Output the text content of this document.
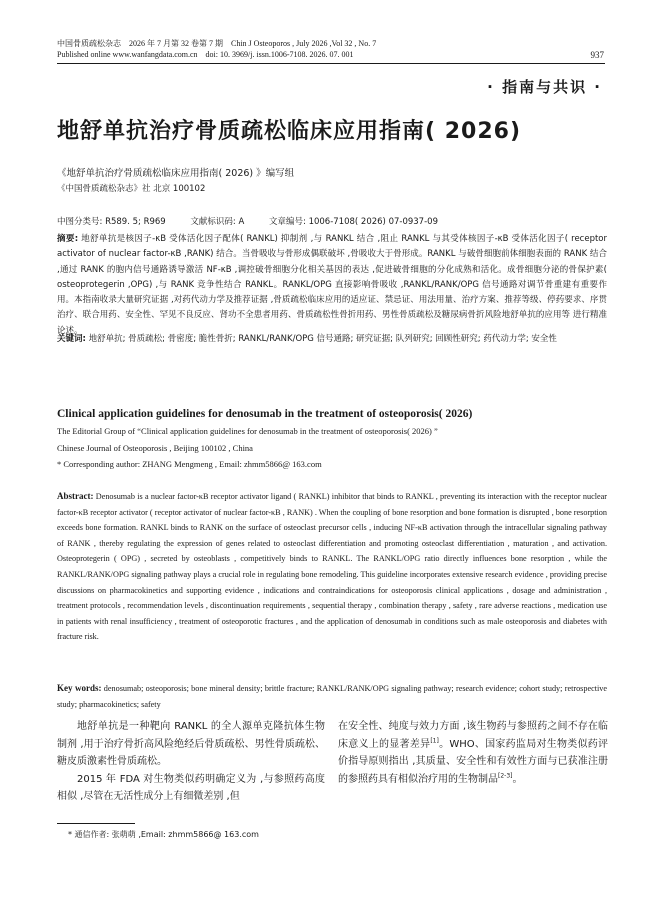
中国骨质疏松杂志　2026 年 7 月第 32 卷第 7 期　Chin J Osteoporos , July 2026 ,Vol 32 , No. 7
Published online www.wanfangdata.com.cn　doi: 10. 3969/j. issn.1006-7108. 2026. 07. 001	937
· 指南与共识 ·
地舒单抗治疗骨质疏松临床应用指南( 2026)
《地舒单抗治疗骨质疏松临床应用指南( 2026) 》编写组
《中国骨质疏松杂志》社 北京 100102
中图分类号: R589. 5; R969	文献标识码: A	文章编号: 1006-7108( 2026) 07-0937-09
摘要: 地舒单抗是核因子-κB 受体活化因子配体( RANKL) 抑制剂 ,与 RANKL 结合 ,阻止 RANKL 与其受体核因子-κB 受体活化因子( receptor activator of nuclear factor-κB ,RANK) 结合。当骨吸收与骨形成偶联破坏 ,骨吸收大于骨形成。RANKL 与破骨细胞前体细胞表面的 RANK 结合 ,通过 RANK 的胞内信号通路诱导激活 NF-κB ,调控破骨细胞分化相关基因的表达 ,促进破骨细胞的分化成熟和活化。成骨细胞分泌的骨保护素( osteoprotegerin ,OPG) ,与 RANK 竞争性结合 RANKL。RANKL/OPG 直接影响骨吸收 ,RANKL/RANK/OPG 信号通路对调节骨重建有重要作用。本指南收录大量研究证据 ,对药代动力学及推荐证据 ,骨质疏松临床应用的适应证、禁忌证、用法用量、治疗方案、推荐等级、停药要求、序贯治疗、联合用药、安全性、罕见不良反应、肾功不全患者用药、骨质疏松性骨折用药、男性骨质疏松及糖尿病骨折风险地舒单抗的应用等 进行精准论述。
关键词: 地舒单抗; 骨质疏松; 骨密度; 脆性骨折; RANKL/RANK/OPG 信号通路; 研究证据; 队列研究; 回顾性研究; 药代动力学; 安全性
Clinical application guidelines for denosumab in the treatment of osteoporosis( 2026)
The Editorial Group of “Clinical application guidelines for denosumab in the treatment of osteoporosis( 2026) ”
Chinese Journal of Osteoporosis , Beijing 100102 , China
* Corresponding author: ZHANG Mengmeng , Email: zhmm5866@ 163.com
Abstract: Denosumab is a nuclear factor-κB receptor activator ligand ( RANKL) inhibitor that binds to RANKL , preventing its interaction with the receptor nuclear factor-κB receptor activator ( receptor activator of nuclear factor-κB , RANK) . When the coupling of bone resorption and bone formation is disrupted , bone resorption exceeds bone formation. RANKL binds to RANK on the surface of osteoclast precursor cells , inducing NF-κB activation through the intracellular signaling pathway of RANK , thereby regulating the expression of genes related to osteoclast differentiation and promoting osteoclast differentiation , maturation , and activation. Osteoprotegerin ( OPG) , secreted by osteoblasts , competitively binds to RANKL. The RANKL/OPG ratio directly influences bone resorption , while the RANKL/RANK/OPG signaling pathway plays a crucial role in regulating bone remodeling. This guideline incorporates extensive research evidence , providing precise discussions on pharmacokinetics and supporting evidence , indications and contraindications for osteoporosis clinical applications , dosage and administration , treatment protocols , recommendation levels , discontinuation requirements , sequential therapy , combination therapy , safety , rare adverse reactions , medication use in patients with renal insufficiency , treatment of osteoporotic fractures , and the application of denosumab in conditions such as male osteoporosis and diabetes with fracture risk.
Key words: denosumab; osteoporosis; bone mineral density; brittle fracture; RANKL/RANK/OPG signaling pathway; research evidence; cohort study; retrospective study; pharmacokinetics; safety

地舒单抗是一种靶向 RANKL 的全人源单克隆抗体生物制剂 ,用于治疗骨折高风险绝经后骨质疏松、男性骨质疏松、糖皮质激素性骨质疏松。

2015 年 FDA 对生物类似药明确定义为 ,与参照药高度相似 ,尽管在无活性成分上有细微差别 ,但

在安全性、纯度与效力方面 ,该生物药与参照药之间不存在临床意义上的显著差异[1]。WHO、国家药监局对生物类似药评价指导原则指出 ,其质量、安全性和有效性方面与已获准注册的参照药具有相似治疗用的生物制品[2-3]。

* 通信作者: 张萌萌 ,Email: zhmm5866@ 163.com
